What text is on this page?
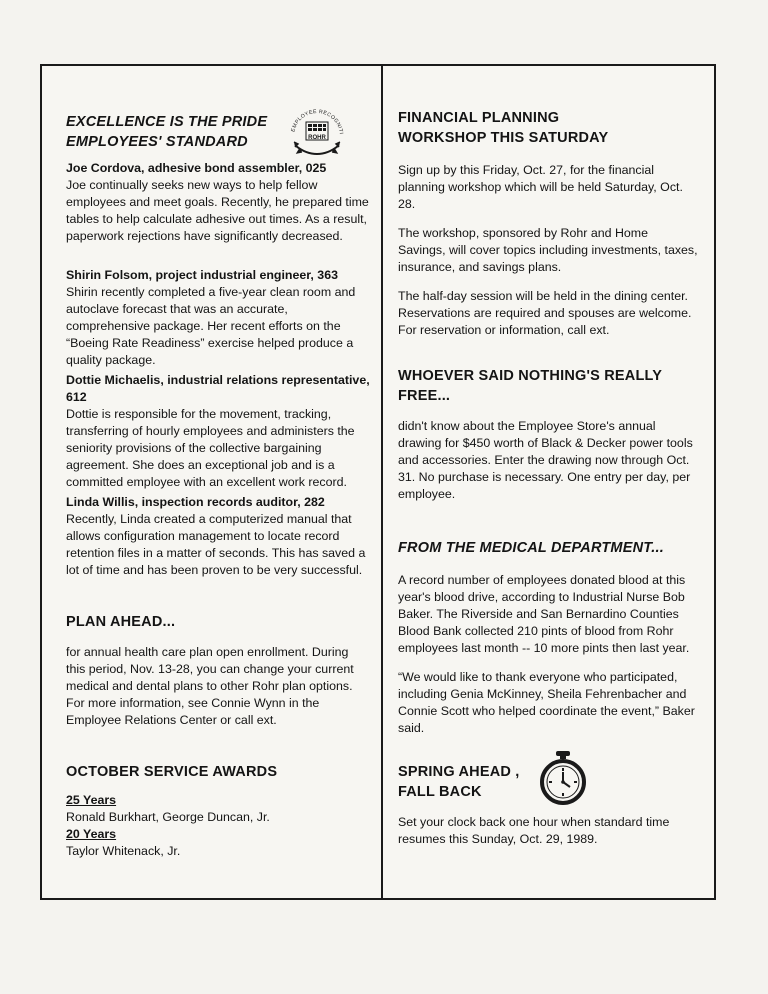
EXCELLENCE IS THE PRIDE

EMPLOYEES' STANDARD

EMPLOYEE RECOGNITI
ROHR

Joe Cordova, adhesive bond assembler, 025

Joe continually seeks new ways to help fellow employees and meet goals. Recently, he prepared time tables to help calculate adhesive out times. As a result, paperwork rejections have significantly decreased.

Shirin Folsom, project industrial engineer, 363

Shirin recently completed a five-year clean room and autoclave forecast that was an accurate, comprehensive package. Her recent efforts on the “Boeing Rate Readiness” exercise helped produce a quality package.

Dottie Michaelis, industrial relations representative, 612

Dottie is responsible for the movement, tracking, transferring of hourly employees and administers the seniority provisions of the collective bargaining agreement. She does an exceptional job and is a committed employee with an excellent work record.

Linda Willis, inspection records auditor, 282

Recently, Linda created a computerized manual that allows configuration management to locate record retention files in a matter of seconds. This has saved a lot of time and has been proven to be very successful.

PLAN AHEAD...

for annual health care plan open enrollment. During this period, Nov. 13-28, you can change your current medical and dental plans to other Rohr plan options. For more information, see Connie Wynn in the Employee Relations Center or call ext.

OCTOBER SERVICE AWARDS

25 Years

Ronald Burkhart, George Duncan, Jr.

20 Years

Taylor Whitenack, Jr.

FINANCIAL PLANNING

WORKSHOP THIS SATURDAY

Sign up by this Friday, Oct. 27, for the financial planning workshop which will be held Saturday, Oct. 28.

The workshop, sponsored by Rohr and Home Savings, will cover topics including investments, taxes, insurance, and savings plans.

The half-day session will be held in the dining center. Reservations are required and spouses are welcome. For reservation or information, call ext.

WHOEVER SAID NOTHING'S REALLY

FREE...

didn't know about the Employee Store's annual drawing for $450 worth of Black & Decker power tools and accessories. Enter the drawing now through Oct. 31. No purchase is necessary. One entry per day, per employee.

FROM THE MEDICAL DEPARTMENT...

A record number of employees donated blood at this year's blood drive, according to Industrial Nurse Bob Baker. The Riverside and San Bernardino Counties Blood Bank collected 210 pints of blood from Rohr employees last month -- 10 more pints then last year.

“We would like to thank everyone who participated, including Genia McKinney, Sheila Fehrenbacher and Connie Scott who helped coordinate the event,” Baker said.

SPRING AHEAD ,

FALL BACK

Set your clock back one hour when standard time resumes this Sunday, Oct. 29, 1989.
